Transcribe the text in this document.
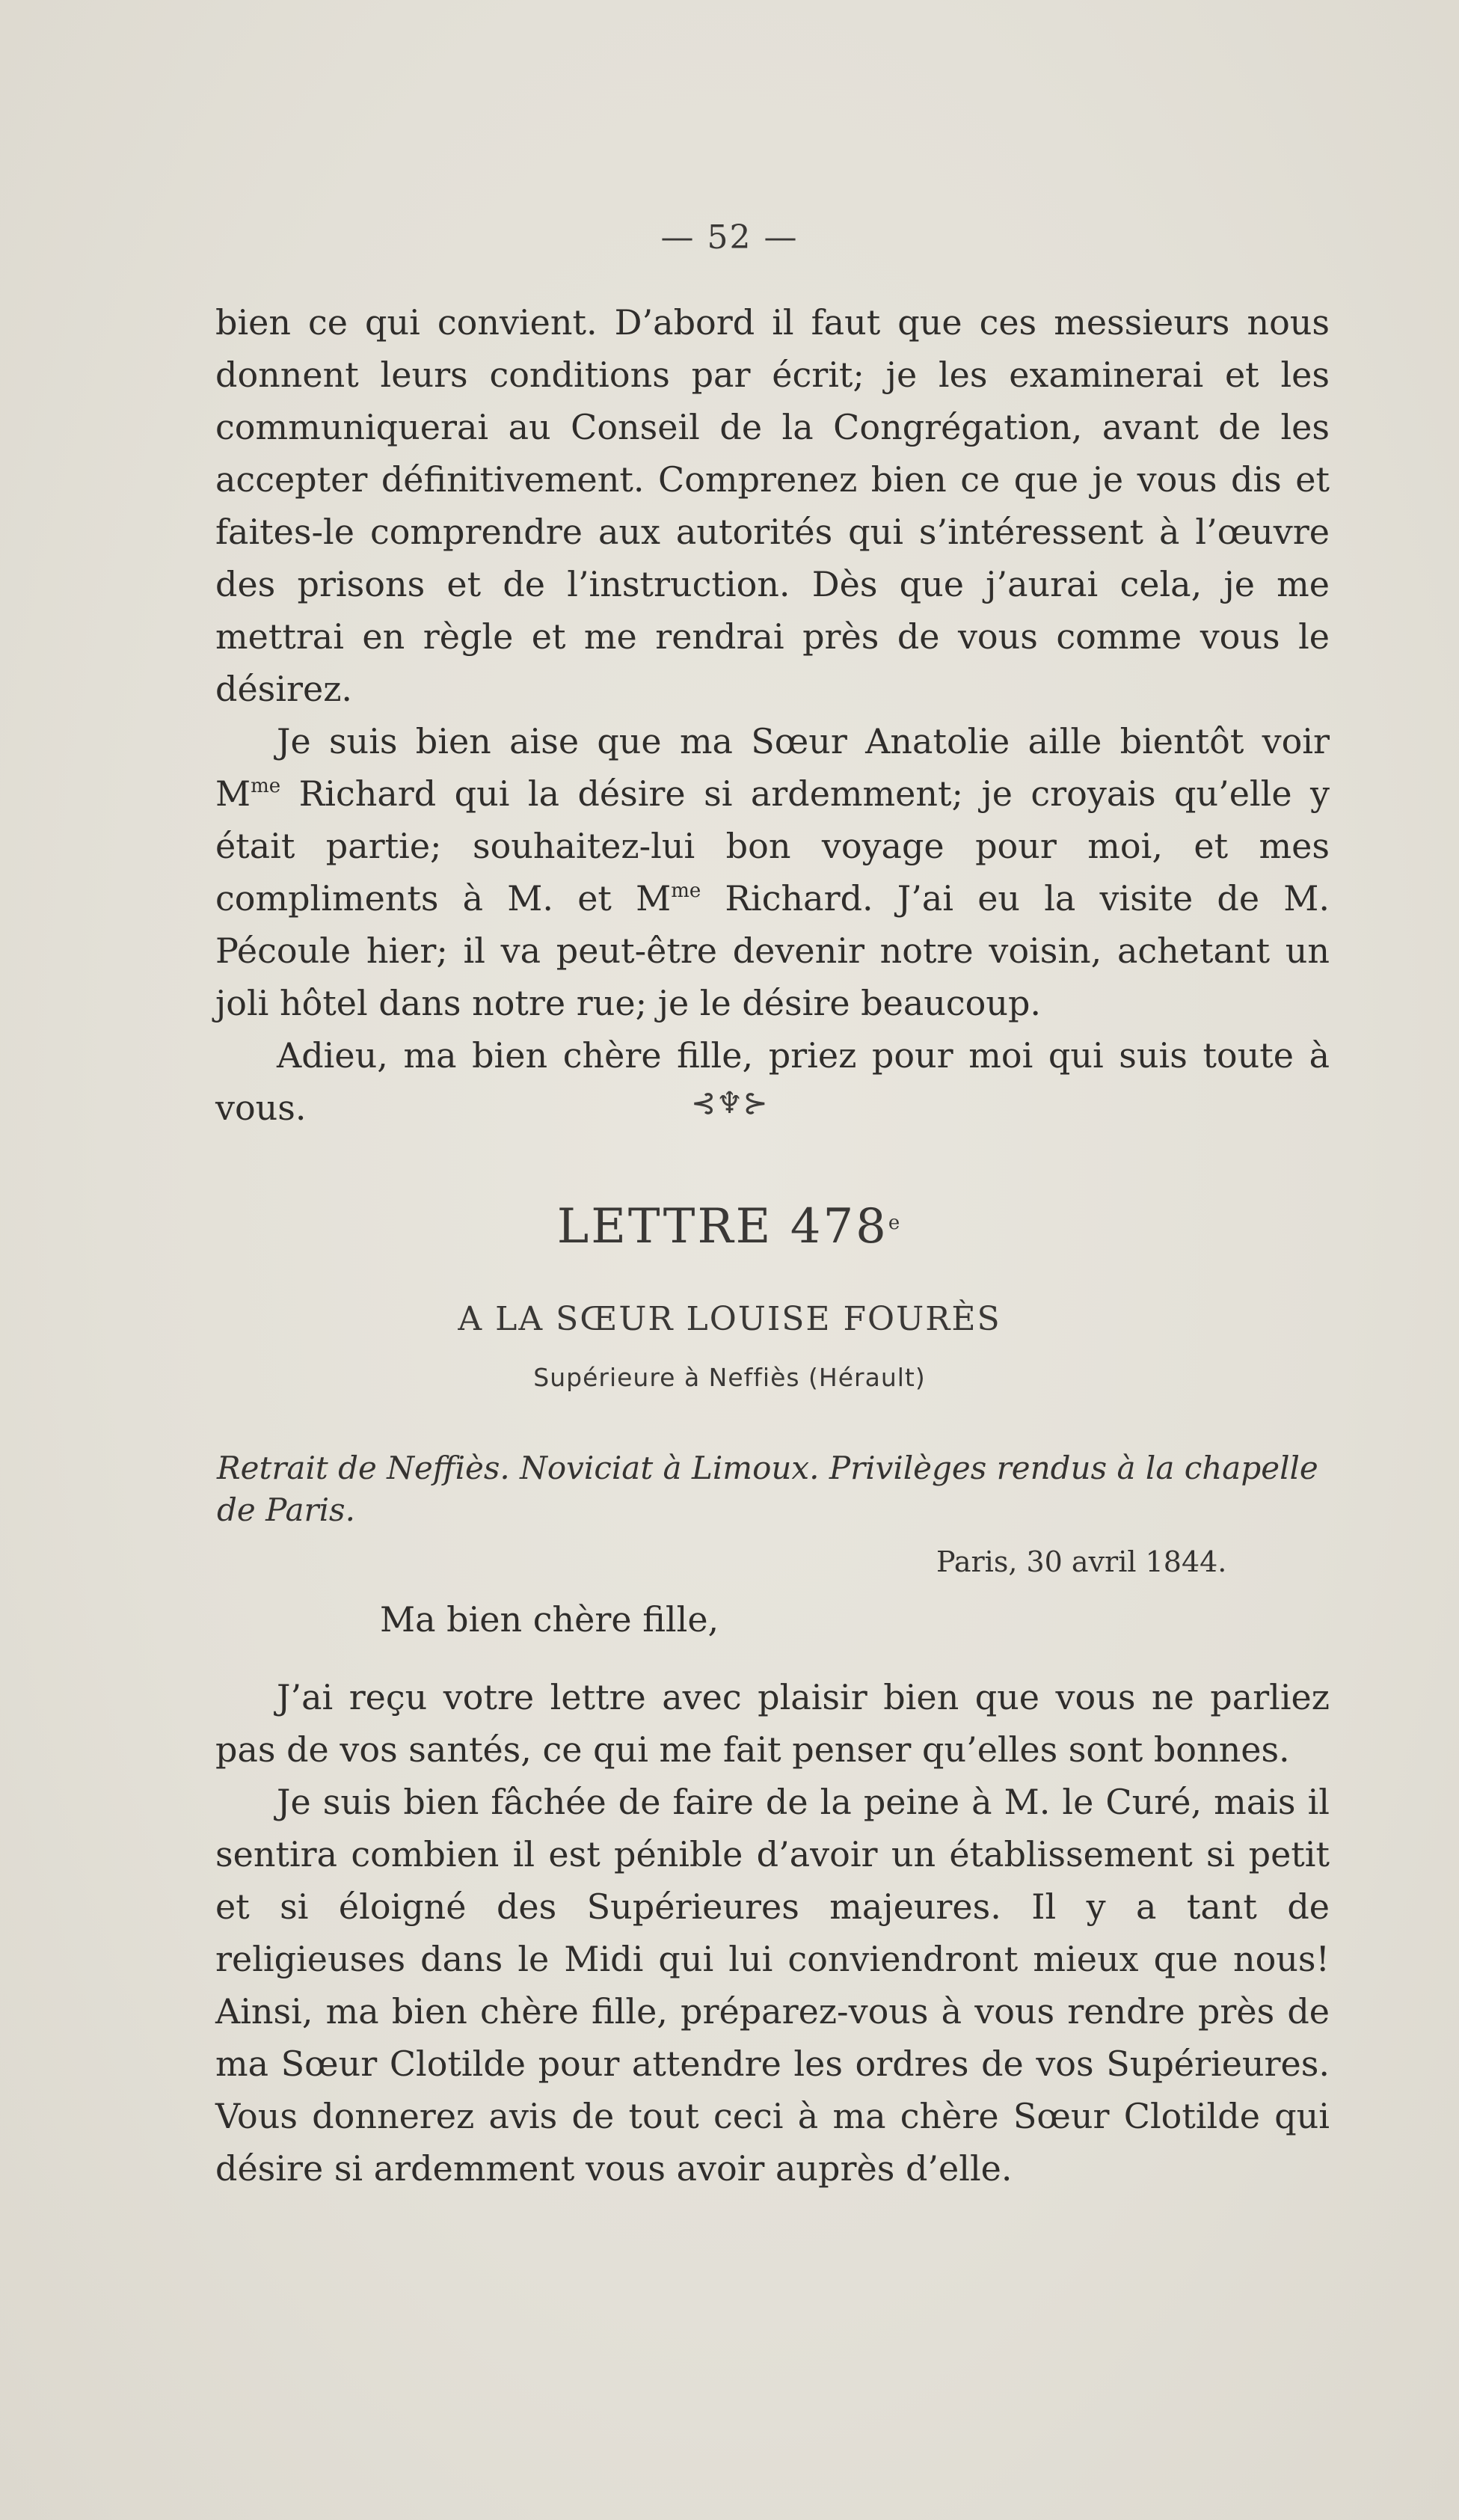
— 52 —

bien ce qui convient. D’abord il faut que ces messieurs nous donnent leurs conditions par écrit; je les examinerai et les communiquerai au Conseil de la Congrégation, avant de les accepter définitivement. Comprenez bien ce que je vous dis et faites-le comprendre aux autorités qui s’intéressent à l’œuvre des prisons et de l’instruction. Dès que j’aurai cela, je me mettrai en règle et me rendrai près de vous comme vous le désirez.

Je suis bien aise que ma Sœur Anatolie aille bientôt voir $M^{me}$ Richard qui la désire si ardemment; je croyais qu’elle y était partie; souhaitez-lui bon voyage pour moi, et mes compliments à M. et $M^{me}$ Richard. J’ai eu la visite de M. Pécoule hier; il va peut-être devenir notre voisin, achetant un joli hôtel dans notre rue; je le désire beaucoup.

Adieu, ma bien chère fille, priez pour moi qui suis toute à vous.	⊰♆⊱
LETTRE 478e
A LA SŒUR LOUISE FOURÈS
Supérieure à Neffiès (Hérault)
Retrait de Neffiès. Noviciat à Limoux. Privilèges rendus à la chapelle de Paris.
Paris, 30 avril 1844.
Ma bien chère fille,

J’ai reçu votre lettre avec plaisir bien que vous ne parliez pas de vos santés, ce qui me fait penser qu’elles sont bonnes.

Je suis bien fâchée de faire de la peine à M. le Curé, mais il sentira combien il est pénible d’avoir un établissement si petit et si éloigné des Supérieures majeures. Il y a tant de religieuses dans le Midi qui lui conviendront mieux que nous! Ainsi, ma bien chère fille, préparez-vous à vous rendre près de ma Sœur Clotilde pour attendre les ordres de vos Supérieures. Vous donnerez avis de tout ceci à ma chère Sœur Clotilde qui désire si ardemment vous avoir auprès d’elle.
